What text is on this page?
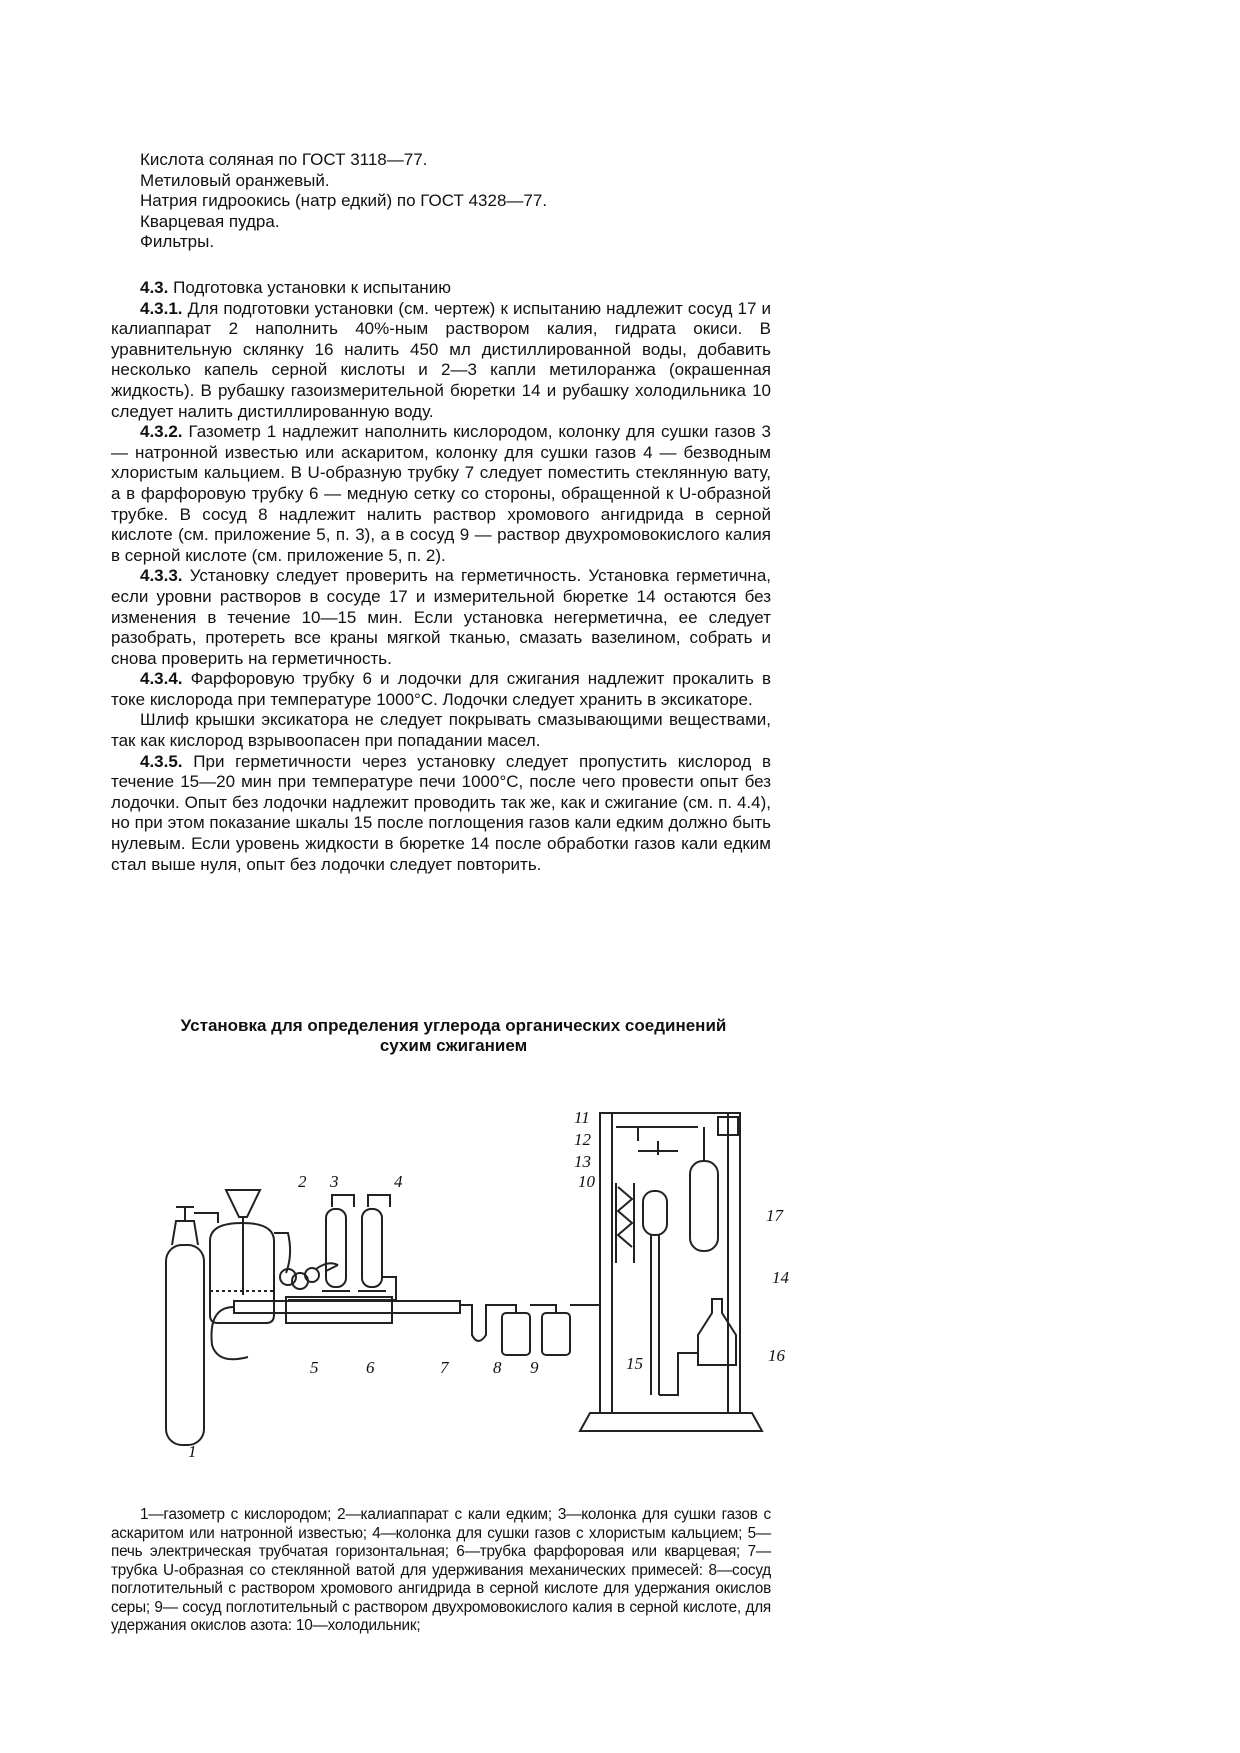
Кислота соляная по ГОСТ 3118—77.

Метиловый оранжевый.

Натрия гидроокись (натр едкий) по ГОСТ 4328—77.

Кварцевая пудра.

Фильтры.

4.3. Подготовка установки к испытанию

4.3.1. Для подготовки установки (см. чертеж) к испытанию надлежит сосуд 17 и калиаппарат 2 наполнить 40%-ным раствором калия, гидрата окиси. В уравнительную склянку 16 налить 450 мл дистиллированной воды, добавить несколько капель серной кислоты и 2—3 капли метилоранжа (окрашенная жидкость). В рубашку газоизмерительной бюретки 14 и рубашку холодильника 10 следует налить дистиллированную воду.

4.3.2. Газометр 1 надлежит наполнить кислородом, колонку для сушки газов 3 — натронной известью или аскаритом, колонку для сушки газов 4 — безводным хлористым кальцием. В U-образную трубку 7 следует поместить стеклянную вату, а в фарфоровую трубку 6 — медную сетку со стороны, обращенной к U-образной трубке. В сосуд 8 надлежит налить раствор хромового ангидрида в серной кислоте (см. приложение 5, п. 3), а в сосуд 9 — раствор двухромовокислого калия в серной кислоте (см. приложение 5, п. 2).

4.3.3. Установку следует проверить на герметичность. Установка герметична, если уровни растворов в сосуде 17 и измерительной бюретке 14 остаются без изменения в течение 10—15 мин. Если установка негерметична, ее следует разобрать, протереть все краны мягкой тканью, смазать вазелином, собрать и снова проверить на герметичность.

4.3.4. Фарфоровую трубку 6 и лодочки для сжигания надлежит прокалить в токе кислорода при температуре 1000°С. Лодочки следует хранить в эксикаторе.

Шлиф крышки эксикатора не следует покрывать смазывающими веществами, так как кислород взрывоопасен при попадании масел.

4.3.5. При герметичности через установку следует пропустить кислород в течение 15—20 мин при температуре печи 1000°С, после чего провести опыт без лодочки. Опыт без лодочки надлежит проводить так же, как и сжигание (см. п. 4.4), но при этом показание шкалы 15 после поглощения газов кали едким должно быть нулевым. Если уровень жидкости в бюретке 14 после обработки газов кали едким стал выше нуля, опыт без лодочки следует повторить.

Установка для определения углерода органических соединений
сухим сжиганием
1
2 3	4
5	6	7	8 9
10
11
12
13
14
15	16
17

1—газометр с кислородом; 2—калиаппарат с кали едким; 3—колонка для сушки газов с аскаритом или натронной известью; 4—колонка для сушки газов с хлористым кальцием; 5— печь электрическая трубчатая горизонтальная; 6—трубка фарфоровая или кварцевая; 7—трубка U-образная со стеклянной ватой для удерживания механических примесей: 8—сосуд поглотительный с раствором хромового ангидрида в серной кислоте для удержания окислов серы; 9— сосуд поглотительный с раствором двухромовокислого калия в серной кислоте, для удержания окислов азота: 10—холодильник;
